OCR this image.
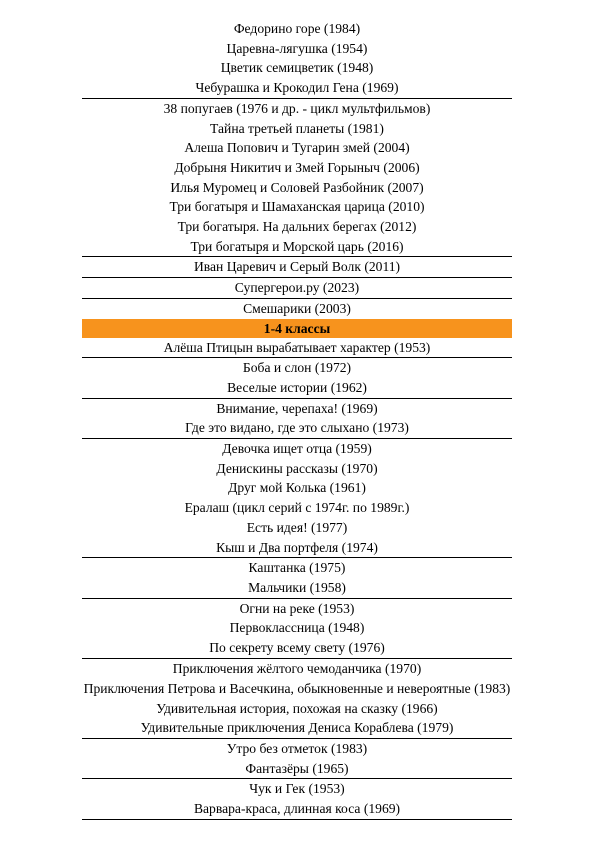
Федорино горе (1984)
Царевна-лягушка (1954)
Цветик семицветик (1948)
Чебурашка и Крокодил Гена (1969)
38 попугаев (1976 и др. - цикл мультфильмов)
Тайна третьей планеты (1981)
Алеша Попович и Тугарин змей (2004)
Добрыня Никитич и Змей Горыныч (2006)
Илья Муромец и Соловей Разбойник (2007)
Три богатыря и Шамаханская царица (2010)
Три богатыря. На дальних берегах (2012)
Три богатыря и Морской царь (2016)
Иван Царевич и Серый Волк (2011)
Супергерои.ру (2023)
Смешарики (2003)
1-4 классы
Алёша Птицын вырабатывает характер (1953)
Боба и слон (1972)
Веселые истории (1962)
Внимание, черепаха! (1969)
Где это видано, где это слыхано (1973)
Девочка ищет отца (1959)
Денискины рассказы (1970)
Друг мой Колька (1961)
Ералаш (цикл серий с 1974г. по 1989г.)
Есть идея! (1977)
Кыш и Два портфеля (1974)
Каштанка (1975)
Мальчики (1958)
Огни на реке (1953)
Первоклассница (1948)
По секрету всему свету (1976)
Приключения жёлтого чемоданчика (1970)
Приключения Петрова и Васечкина, обыкновенные и невероятные (1983)
Удивительная история, похожая на сказку (1966)
Удивительные приключения Дениса Кораблева (1979)
Утро без отметок (1983)
Фантазёры (1965)
Чук и Гек (1953)
Варвара-краса, длинная коса (1969)
